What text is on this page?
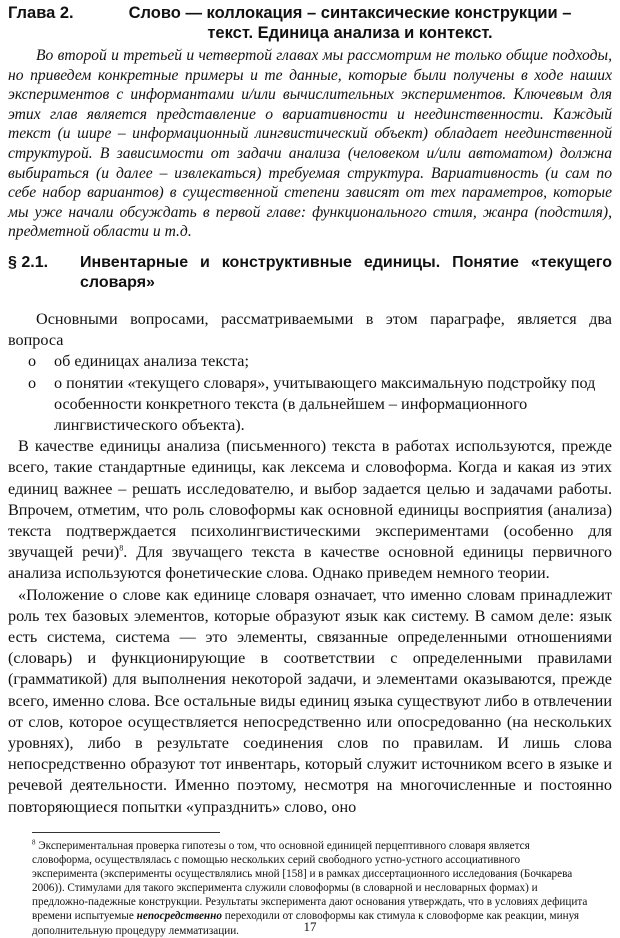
Глава 2.	Слово — коллокация – синтаксические конструкции –
текст. Единица анализа и контекст.
Во второй и третьей и четвертой главах мы рассмотрим не только общие подходы, но приведем конкретные примеры и те данные, которые были получены в ходе наших экспериментов с информантами и/или вычислительных экспериментов. Ключевым для этих глав является представление о вариативности и неединственности. Каждый текст (и шире – информационный лингвистический объект) обладает неединственной структурой. В зависимости от задачи анализа (человеком и/или автоматом) должна выбираться (и далее – извлекаться) требуемая структура. Вариативность (и сам по себе набор вариантов) в существенной степени зависят от тех параметров, которые мы уже начали обсуждать в первой главе: функционального стиля, жанра (подстиля), предметной области и т.д.
§ 2.1.	Инвентарные и конструктивные единицы. Понятие «текущего словаря»

Основными вопросами, рассматриваемыми в этом параграфе, является два вопроса

o об единицах анализа текста;
o о понятии «текущего словаря», учитывающего максимальную подстройку под особенности конкретного текста (в дальнейшем – информационного лингвистического объекта).

В качестве единицы анализа (письменного) текста в работах используются, прежде всего, такие стандартные единицы, как лексема и словоформа. Когда и какая из этих единиц важнее – решать исследователю, и выбор задается целью и задачами работы. Впрочем, отметим, что роль словоформы как основной единицы восприятия (анализа) текста подтверждается психолингвистическими экспериментами (особенно для звучащей речи)$^8$. Для звучащего текста в качестве основной единицы первичного анализа используются фонетические слова. Однако приведем немного теории.

«Положение о слове как единице словаря означает, что именно словам принадлежит роль тех базовых элементов, которые образуют язык как систему. В самом деле: язык есть система, система — это элементы, связанные определенными отношениями (словарь) и функционирующие в соответствии с определенными правилами (грамматикой) для выполнения некоторой задачи, и элементами оказываются, прежде всего, именно слова. Все остальные виды единиц языка существуют либо в отвлечении от слов, которое осуществляется непосредственно или опосредованно (на нескольких уровнях), либо в результате соединения слов по правилам. И лишь слова непосредственно образуют тот инвентарь, который служит источником всего в языке и речевой деятельности. Именно поэтому, несмотря на многочисленные и постоянно повторяющиеся попытки «упразднить» слово, оно

$^8$ Экспериментальная проверка гипотезы о том, что основной единицей перцептивного словаря является словоформа, осуществлялась с помощью нескольких серий свободного устно-устного ассоциативного эксперимента (эксперименты осуществлялись мной [158] и в рамках диссертационного исследования (Бочкарева 2006)). Стимулами для такого эксперимента служили словоформы (в словарной и несловарных формах) и предложно-падежные конструкции. Результаты эксперимента дают основания утверждать, что в условиях дефицита времени испытуемые непосредственно переходили от словоформы как стимула к словоформе как реакции, минуя дополнительную процедуру лемматизации.	17
